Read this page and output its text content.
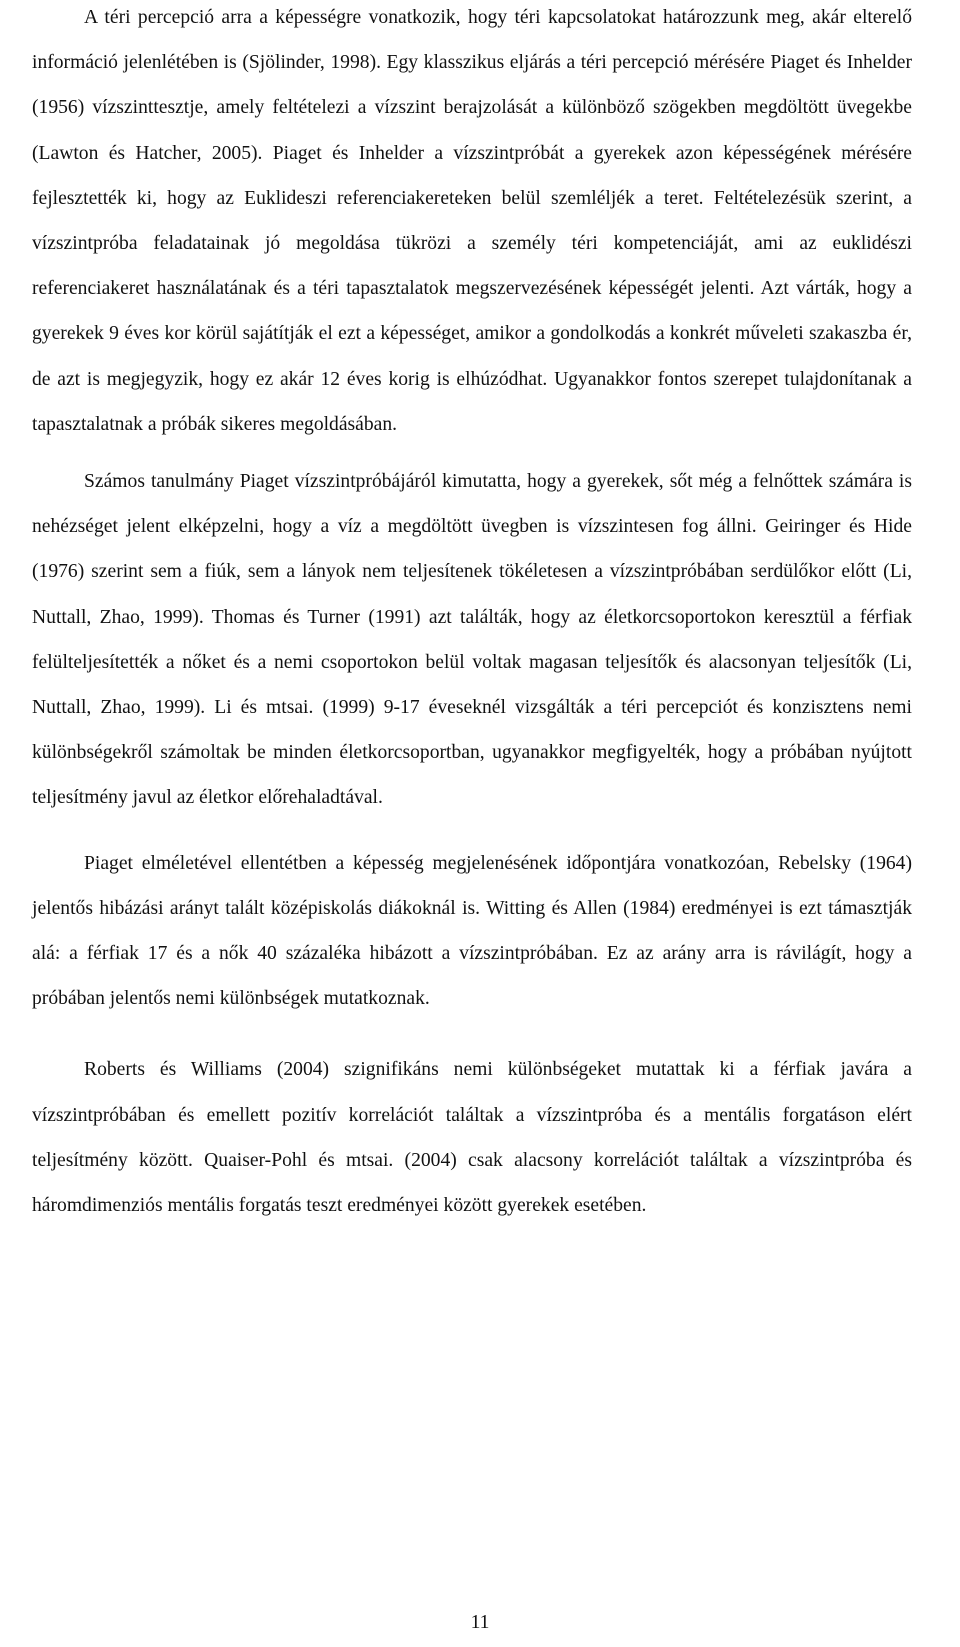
A téri percepció arra a képességre vonatkozik, hogy téri kapcsolatokat határozzunk meg, akár elterelő információ jelenlétében is (Sjölinder, 1998). Egy klasszikus eljárás a téri percepció mérésére Piaget és Inhelder (1956) vízszinttesztje, amely feltételezi a vízszint berajzolását a különböző szögekben megdöltött üvegekbe (Lawton és Hatcher, 2005). Piaget és Inhelder a vízszintpróbát a gyerekek azon képességének mérésére fejlesztették ki, hogy az Euklideszi referenciakereteken belül szemléljék a teret. Feltételezésük szerint, a vízszintpróba feladatainak jó megoldása tükrözi a személy téri kompetenciáját, ami az euklidészi referenciakeret használatának és a téri tapasztalatok megszervezésének képességét jelenti. Azt várták, hogy a gyerekek 9 éves kor körül sajátítják el ezt a képességet, amikor a gondolkodás a konkrét műveleti szakaszba ér, de azt is megjegyzik, hogy ez akár 12 éves korig is elhúzódhat. Ugyanakkor fontos szerepet tulajdonítanak a tapasztalatnak a próbák sikeres megoldásában.

Számos tanulmány Piaget vízszintpróbájáról kimutatta, hogy a gyerekek, sőt még a felnőttek számára is nehézséget jelent elképzelni, hogy a víz a megdöltött üvegben is vízszintesen fog állni. Geiringer és Hide (1976) szerint sem a fiúk, sem a lányok nem teljesítenek tökéletesen a vízszintpróbában serdülőkor előtt (Li, Nuttall, Zhao, 1999). Thomas és Turner (1991) azt találták, hogy az életkorcsoportokon keresztül a férfiak felülteljesítették a nőket és a nemi csoportokon belül voltak magasan teljesítők és alacsonyan teljesítők (Li, Nuttall, Zhao, 1999). Li és mtsai. (1999) 9-17 éveseknél vizsgálták a téri percepciót és konzisztens nemi különbségekről számoltak be minden életkorcsoportban, ugyanakkor megfigyelték, hogy a próbában nyújtott teljesítmény javul az életkor előrehaladtával.

Piaget elméletével ellentétben a képesség megjelenésének időpontjára vonatkozóan, Rebelsky (1964) jelentős hibázási arányt talált középiskolás diákoknál is. Witting és Allen (1984) eredményei is ezt támasztják alá: a férfiak 17 és a nők 40 százaléka hibázott a vízszintpróbában. Ez az arány arra is rávilágít, hogy a próbában jelentős nemi különbségek mutatkoznak.

Roberts és Williams (2004) szignifikáns nemi különbségeket mutattak ki a férfiak javára a vízszintpróbában és emellett pozitív korrelációt találtak a vízszintpróba és a mentális forgatáson elért teljesítmény között. Quaiser-Pohl és mtsai. (2004) csak alacsony korrelációt találtak a vízszintpróba és háromdimenziós mentális forgatás teszt eredményei között gyerekek esetében.

11
